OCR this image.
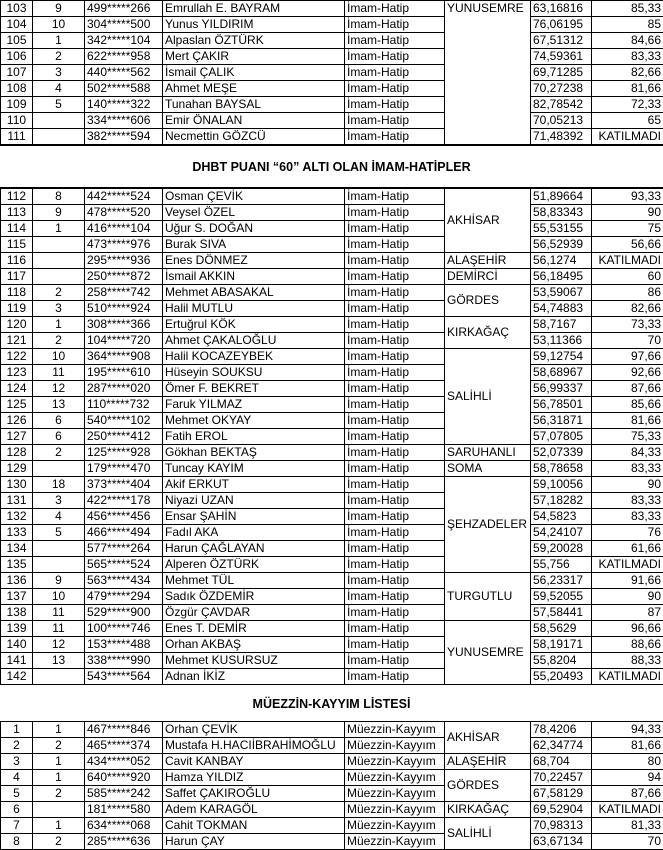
103	9	499*****266	Emrullah E. BAYRAM	İmam-Hatip	YUNUSEMRE	63,16816	85,33
104	10	304*****500	Yunus YILDIRIM	İmam-Hatip		76,06195	85
105	1	342*****104	Alpaslan ÖZTÜRK	İmam-Hatip		67,51312	84,66
106	2	622*****958	Mert ÇAKIR	İmam-Hatip		74,59361	83,33
107	3	440*****562	İsmail ÇALIK	İmam-Hatip		69,71285	82,66
108	4	502*****588	Ahmet MEŞE	İmam-Hatip		70,27238	81,66
109	5	140*****322	Tunahan BAYSAL	İmam-Hatip		82,78542	72,33
110		334*****606	Emir ÖNALAN	İmam-Hatip		70,05213	65
111		382*****594	Necmettin GÖZCÜ	İmam-Hatip		71,48392	KATILMADI
DHBT PUANI “60” ALTI OLAN İMAM-HATİPLER
112	8	442*****524	Osman ÇEVİK	İmam-Hatip	AKHİSAR	51,89664	93,33
113	9	478*****520	Veysel ÖZEL	İmam-Hatip		58,83343	90
114	1	416*****104	Uğur S. DOĞAN	İmam-Hatip		55,53155	75
115		473*****976	Burak SIVA	İmam-Hatip		56,52939	56,66
116		295*****936	Enes DÖNMEZ	İmam-Hatip	ALAŞEHİR	56,1274	KATILMADI
117		250*****872	İsmail AKKIN	İmam-Hatip	DEMİRCİ	56,18495	60
118	2	258*****742	Mehmet ABASAKAL	İmam-Hatip	GÖRDES	53,59067	86
119	3	510*****924	Halil MUTLU	İmam-Hatip		54,74883	82,66
120	1	308*****366	Ertuğrul KÖK	İmam-Hatip	KIRKAĞAÇ	58,7167	73,33
121	2	104*****720	Ahmet ÇAKALOĞLU	İmam-Hatip		53,11366	70
122	10	364*****908	Halil KOCAZEYBEK	İmam-Hatip	SALİHLİ	59,12754	97,66
123	11	195*****610	Hüseyin SOUKSU	İmam-Hatip		58,68967	92,66
124	12	287*****020	Ömer F. BEKRET	İmam-Hatip		56,99337	87,66
125	13	110*****732	Faruk YILMAZ	İmam-Hatip		56,78501	85,66
126	6	540*****102	Mehmet OKYAY	İmam-Hatip		56,31871	81,66
127	6	250*****412	Fatih EROL	İmam-Hatip		57,07805	75,33
128	2	125*****928	Gökhan BEKTAŞ	İmam-Hatip	SARUHANLI	52,07339	84,33
129		179*****470	Tuncay KAYIM	İmam-Hatip	SOMA	58,78658	83,33
130	18	373*****404	Akif ERKUT	İmam-Hatip	ŞEHZADELER	59,10056	90
131	3	422*****178	Niyazi UZAN	İmam-Hatip		57,18282	83,33
132	4	456*****456	Ensar ŞAHİN	İmam-Hatip		54,5823	83,33
133	5	466*****494	Fadıl AKA	İmam-Hatip		54,24107	76
134		577*****264	Harun ÇAĞLAYAN	İmam-Hatip		59,20028	61,66
135		565*****524	Alperen ÖZTÜRK	İmam-Hatip		55,756	KATILMADI
136	9	563*****434	Mehmet TÜL	İmam-Hatip	TURGUTLU	56,23317	91,66
137	10	479*****294	Sadık ÖZDEMİR	İmam-Hatip		59,52055	90
138	11	529*****900	Özgür ÇAVDAR	İmam-Hatip		57,58441	87
139	11	100*****746	Enes T. DEMİR	İmam-Hatip	YUNUSEMRE	58,5629	96,66
140	12	153*****488	Orhan AKBAŞ	İmam-Hatip		58,19171	88,66
141	13	338*****990	Mehmet KUSURSUZ	İmam-Hatip		55,8204	88,33
142		543*****564	Adnan İKİZ	İmam-Hatip		55,20493	KATILMADI
MÜEZZİN-KAYYIM LİSTESİ
1	1	467*****846	Orhan ÇEVİK	Müezzin-Kayyım	AKHİSAR	78,4206	94,33
2	2	465*****374	Mustafa H.HACIİBRAHİMOĞLU	Müezzin-Kayyım		62,34774	81,66
3	1	434*****052	Cavit KANBAY	Müezzin-Kayyım	ALAŞEHİR	68,704	80
4	1	640*****920	Hamza YILDIZ	Müezzin-Kayyım	GÖRDES	70,22457	94
5	2	585*****242	Saffet ÇAKIROĞLU	Müezzin-Kayyım		67,58129	87,66
6		181*****580	Adem KARAGÖL	Müezzin-Kayyım	KIRKAĞAÇ	69,52904	KATILMADI
7	1	634*****068	Cahit TOKMAN	Müezzin-Kayyım	SALİHLİ	70,98313	81,33
8	2	285*****636	Harun ÇAY	Müezzin-Kayyım		63,67134	70
